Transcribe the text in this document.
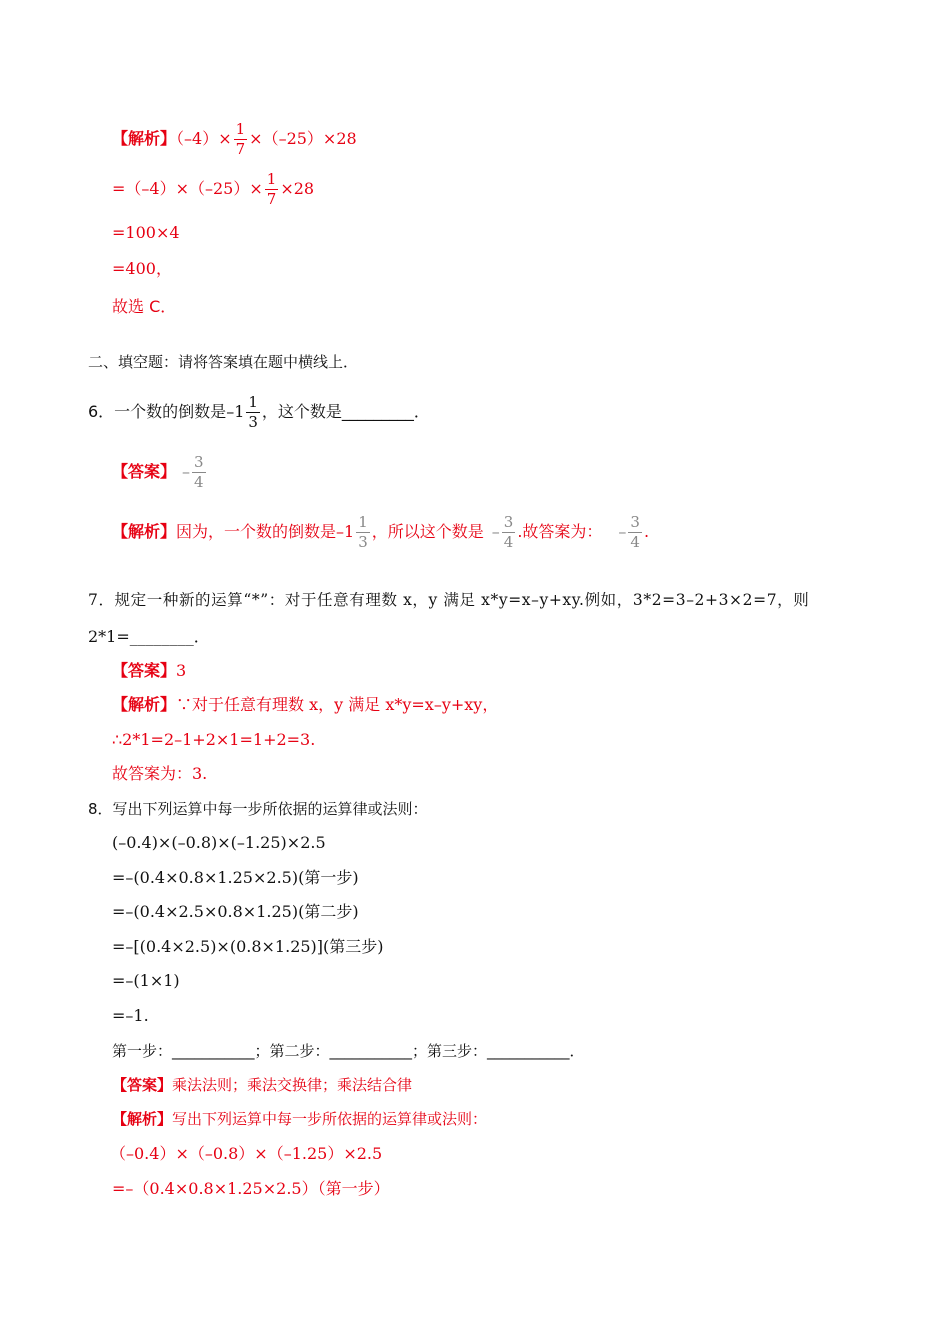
【解析】$(-4)\times \frac{1}{7} \times(-25)\times 28$
$=(-4)\times(-25)\times \frac{1}{7} \times 28$
=100×4
=400，
故选 C．
二、填空题：请将答案填在题中横线上．
6．一个数的倒数是$-1 \frac{1}{3}$ ，这个数是_________．
【答案】 – $\frac{3}{4}$
【解析】因为，一个数的倒数是$-1 \frac{1}{3}$ ，所以这个数是 – $\frac{3}{4}$ .故答案为： – $\frac{3}{4}$ .
7．规定一种新的运算“*”：对于任意有理数 x，y 满足 x*y=x–y+xy.例如，3*2=3–2+3×2=7，则
2*1=________．
【答案】3
【解析】∵对于任意有理数 x，y 满足 x*y=x–y+xy，
∴2*1=2–1+2×1=1+2=3.
故答案为：3.
8．写出下列运算中每一步所依据的运算律或法则：
(–0.4)×(–0.8)×(–1.25)×2.5
=–(0.4×0.8×1.25×2.5)(第一步)
=–(0.4×2.5×0.8×1.25)(第二步)
=–[(0.4×2.5)×(0.8×1.25)](第三步)
=–(1×1)
=–1.
第一步：___________；第二步：___________；第三步：___________．
【答案】乘法法则；乘法交换律；乘法结合律
【解析】写出下列运算中每一步所依据的运算律或法则：
（–0.4）×（–0.8）×（–1.25）×2.5
=–（0.4×0.8×1.25×2.5）（第一步）
